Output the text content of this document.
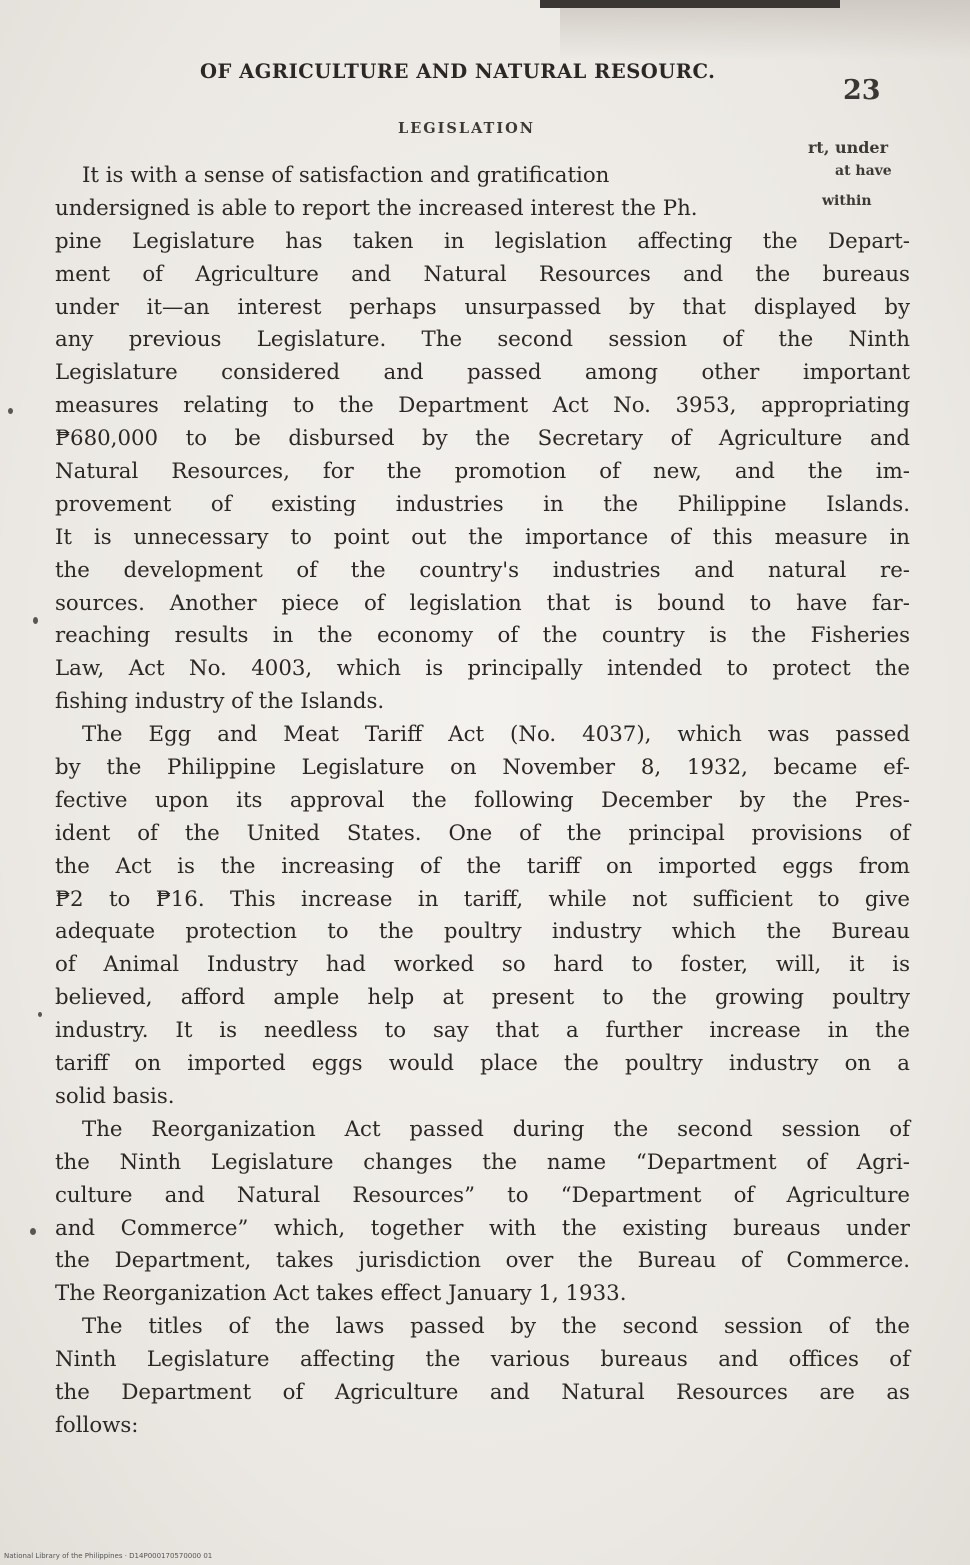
OF AGRICULTURE AND NATURAL RESOURC.
23
LEGISLATION
rt, under
at have
within
It is with a sense of satisfaction and gratification
undersigned is able to report the increased interest the Ph.
pine Legislature has taken in legislation affecting the Depart-
ment of Agriculture and Natural Resources and the bureaus
under it—an interest perhaps unsurpassed by that displayed by
any previous Legislature. The second session of the Ninth
Legislature considered and passed among other important
measures relating to the Department Act No. 3953, appropriating
₱680,000 to be disbursed by the Secretary of Agriculture and
Natural Resources, for the promotion of new, and the im-
provement of existing industries in the Philippine Islands.
It is unnecessary to point out the importance of this measure in
the development of the country's industries and natural re-
sources. Another piece of legislation that is bound to have far-
reaching results in the economy of the country is the Fisheries
Law, Act No. 4003, which is principally intended to protect the
fishing industry of the Islands.
The Egg and Meat Tariff Act (No. 4037), which was passed
by the Philippine Legislature on November 8, 1932, became ef-
fective upon its approval the following December by the Pres-
ident of the United States. One of the principal provisions of
the Act is the increasing of the tariff on imported eggs from
₱2 to ₱16. This increase in tariff, while not sufficient to give
adequate protection to the poultry industry which the Bureau
of Animal Industry had worked so hard to foster, will, it is
believed, afford ample help at present to the growing poultry
industry. It is needless to say that a further increase in the
tariff on imported eggs would place the poultry industry on a
solid basis.
The Reorganization Act passed during the second session of
the Ninth Legislature changes the name “Department of Agri-
culture and Natural Resources” to “Department of Agriculture
and Commerce” which, together with the existing bureaus under
the Department, takes jurisdiction over the Bureau of Commerce.
The Reorganization Act takes effect January 1, 1933.
The titles of the laws passed by the second session of the
Ninth Legislature affecting the various bureaus and offices of
the Department of Agriculture and Natural Resources are as
follows:
National Library of the Philippines · D14P000170570000 01
